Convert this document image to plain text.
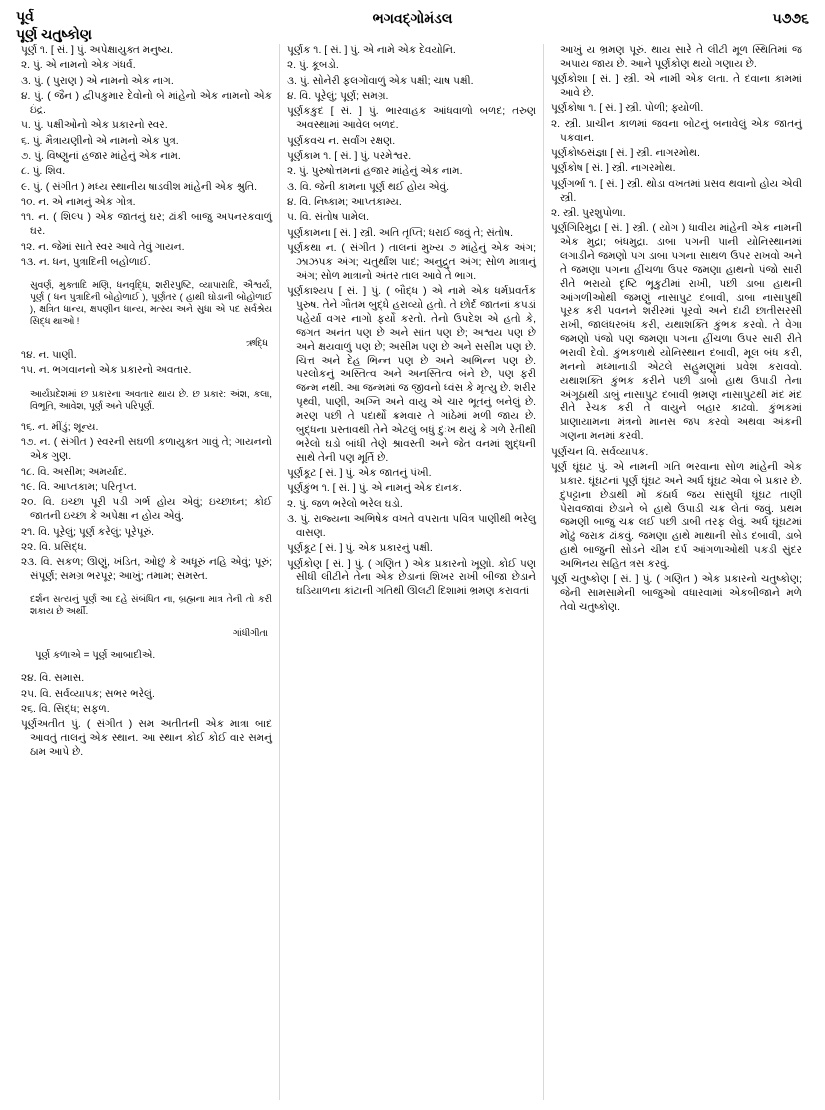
પૂર્વ
પૂર્ણ ચતુષ્કોણ
ભગવદ્ગોમંડલ	૫૭૭૬

પૂર્ણ ૧. [ સં. ] પું. અપેક્ષાયુક્ત મનુષ્ય.

૨. પું. એ નામનો એક ગંધર્વ.

૩. પું. ( પુરાણ ) એ નામનો એક નાગ.

૪. પું. ( જૈન ) દ્વીપકુમાર દેવોનો બે માંહેનો એક નામનો એક ઇંદ્ર.

૫. પું. પક્ષીઓનો એક પ્રકારનો સ્વર.

૬. પું. મૈત્રાયણીનો એ નામનો એક પુત્ર.

૭. પું. વિષ્ણુનાં હજાર માંહેનું એક નામ.

૮. પું. શિવ.

૯. પું. ( સંગીત ) મધ્ય સ્થાનીય ષાડવીશ માંહેની એક શ્રુતિ.

૧૦. ન. એ નામનું એક ગોત્ર.

૧૧. ન. ( શિલ્પ ) એક જાતનું ઘર; ઢાંકી બાજુ અપનરકવાળું ઘર.

૧૨. ન. જેમાં સાતે સ્વર આવે તેવું ગાયન.

૧૩. ન. ધન, પુત્રાદિની બહોળાઈ.

સુવર્ણ, મુક્તાદિ મણિ, ધનવૃદ્ધિ, શરીરપુષ્ટિ, વ્યાપારાદિ, ઐશ્વર્ય, પૂર્ણ ( ધન પુત્રાદિની બોહોળાઈ ), પૂર્ણતર ( હાથી ઘોડાની બોહોળાઈ ), ક્ષત્રિત ધાન્ય, ક્ષપણીન ધાન્ય, મત્સ્ય અને સુધા એ પદ સર્વશ્રેય સિદ્ધ થાઓ !

ઋદ્ધિ

૧૪. ન. પાણી.

૧૫. ન. ભગવાનનો એક પ્રકારનો અવતાર.

આર્યપ્રદેશમાં છ પ્રકારના અવતાર થાય છે. છ પ્રકાર: અંશ, કલા, વિભૂતિ, આવેશ, પૂર્ણ અને પરિપૂર્ણ.

૧૬. ન. મીંડું; શૂન્ય.

૧૭. ન. ( સંગીત ) સ્વરની સઘળી કળાયુક્ત ગાવું તે; ગાયનનો એક ગુણ.

૧૮. વિ. અસીમ; અમર્યાદ.

૧૯. વિ. આપ્તકામ; પરિતૃપ્ત.

૨૦. વિ. ઇચ્છા પૂરી પડી ગર્ભ હોય એવું; ઇચ્છાઘ્ન; કોઈ જાતની ઇચ્છા કે અપેક્ષા ન હોય એવું.

૨૧. વિ. પૂરેલું; પૂર્ણ કરેલું; પૂરેપૂરું.

૨૨. વિ. પ્રસિદ્ધ.

૨૩. વિ. સકળ; ઊણું, ખંડિત, ઓછું કે અધૂરું નહિ એવું; પૂરું; સંપૂર્ણ; સમગ્ર ભરપૂર; આખું; તમામ; સમસ્ત.

દર્શન સત્યનું પૂર્ણ આ દહે સંબંધિત ના, બ્રહ્મના માત્ર તેની તો કરી શકાય છે અર્થી.

ગાંધીગીતા

પૂર્ણ કળાએ = પૂર્ણ આબાદીએ.

૨૪. વિ. સમાસ.

૨૫. વિ. સર્વવ્યાપક; સભર ભરેલું.

૨૬. વિ. સિદ્ધ; સફળ.

પૂર્ણઅતીત પું. ( સંગીત ) સમ અતીતની એક માત્રા બાદ આવતું તાલનું એક સ્થાન. આ સ્થાન કોઈ કોઈ વાર સમનું ઠામ આપે છે.

પૂર્ણક ૧. [ સં. ] પું. એ નામે એક દેવયોનિ.

૨. પું. કૂબડો.

૩. પું. સોનેરી ફલગોંવાળું એક પક્ષી; ચાષ પક્ષી.

૪. વિ. પૂરેલું; પૂર્ણ; સમગ્ર.

પૂર્ણકકુદ [ સં. ] પું. ભારવાહક આંધવાળો બળદ; તરુણ અવસ્થામાં આવેલ બળદ.

પૂર્ણકવચ ન. સર્વાંગ રક્ષણ.

પૂર્ણકામ ૧. [ સં. ] પું. પરમેશ્વર.

૨. પું. પુરુષોત્તમનાં હજાર માંહેનું એક નામ.

૩. વિ. જેની કામના પૂર્ણ થઈ હોય એવું.

૪. વિ. નિષ્કામ; આપ્તકામ્ય.

૫. વિ. સંતોષ પામેલ.

પૂર્ણકામના [ સં. ] સ્ત્રી. અતિ તૃપ્તિ; ધરાઈ જવું તે; સંતોષ.

પૂર્ણકથા ન. ( સંગીત ) તાલનાં મુખ્ય ૭ માંહેનું એક અંગ; ઝાઝપક અંગ; ચતુર્થાંશ પાદ; અનુદ્રુત અંગ; સોળ માત્રાનું અંગ; સોળ માત્રાનો અંતર તાલ આવે તે ભાગ.

પૂર્ણકાશ્યપ [ સં. ] પું. ( બૌદ્ધ ) એ નામે એક ધર્મપ્રવર્તક પુરુષ. તેને ગૌતમ બુદ્ધે હરાવ્યો હતો. તે છોર્દ જાતનાં કપડાં પહેર્યા વગર નાગો ફર્યો કરતો. તેનો ઉપદેશ એ હતો કે, જગત અનંત પણ છે અને સાંત પણ છે; અશ્વય પણ છે અને ક્ષયવાળું પણ છે; અસીમ પણ છે અને સસીમ પણ છે. ચિત્ત અને દેહ ભિન્ન પણ છે અને અભિન્ન પણ છે. પરલોકનું અસ્તિત્વ અને અનસ્તિત્વ બંને છે, પણ ફરી જન્મ નથી. આ જન્મમાં જ જીવનો ધ્વંસ કે મૃત્યુ છે. શરીર પૃથ્વી, પાણી, અગ્નિ અને વાયુ એ ચાર ભૂતનું બનેલું છે. મરણ પછી તે પદાર્થો ક્રમવાર તે ગાંઠેમાં મળી જાય છે. બુદ્ધના પ્રસ્તાવથી તેને એટલું બધું દુઃખ થયું કે ગળે રેતીથી ભરેલો ઘડો બાંધી તેણે શ્રાવસ્તી અને જેત વનમાં શુદ્ધની સાથે તેની પણ મૂર્તિ છે.

પૂર્ણકૂટ [ સં. ] પું. એક જાતનું પંખી.

પૂર્ણકુંભ ૧. [ સં. ] પું. એ નામનું એક દાનક.

૨. પું. જળ ભરેલો ભરેલ ઘડો.

૩. પું. રાજ્યના અભિષેક વખતે વપરાતા પવિત્ર પાણીથી ભરેલુ વાસણ.

પૂર્ણકૂટ [ સં. ] પું. એક પ્રકારનું પક્ષી.

પૂર્ણકોણ [ સં. ] પું. ( ગણિત ) એક પ્રકારનો ખૂણો. કોઈ પણ સીધી લીટીને તેના એક છેડાનાં શિખર રાખી બીજા છેડાને ઘડિયાળના કાંટાની ગતિથી ઊલટી દિશામાં ભ્રમણ કરાવતાં

આખું ય ભ્રમણ પૂરું. થાય સારે તે લીટી મૂળ સ્થિતિમાં જ અપાય જાય છે. આને પૂર્ણકોણ થયો ગણાય છે.

પૂર્ણકોશા [ સં. ] સ્ત્રી. એ નામી એક લતા. તે દવાના કામમાં આવે છે.

પૂર્ણકોષા ૧. [ સં. ] સ્ત્રી. પોળી; ફ્યોળી.

૨. સ્ત્રી. પ્રાચીન કાળમાં જવના બોટનું બનાવેલું એક જાતનું પકવાન.

પૂર્ણકોષ્ઠસંજ્ઞા [ સં. ] સ્ત્રી. નાગરમોથ.

પૂર્ણકોષ [ સં. ] સ્ત્રી. નાગરમોથ.

પૂર્ણગર્ભા ૧. [ સં. ] સ્ત્રી. થોડા વખતમાં પ્રસવ થવાનો હોય એવી સ્ત્રી.

૨. સ્ત્રી. પુરશુપોળા.

પૂર્ણગિરિમુદ્રા [ સં. ] સ્ત્રી. ( યોગ ) ધાવીય માંહેની એક નામની એક મુદ્રા; બંધમુદ્રા. ડાબા પગની પાની યોનિસ્થાનમાં લગાડીને જમણો પગ ડાબા પગના સાથળ ઉપર રાખવો અને તે જમણા પગના હીંચળા ઉપર જમણા હાથનો પંજો સારી રીતે ભરાયો દૃષ્ટિ ભૂકુટીમાં રાખી, પછી ડાબા હાથની આંગળીઓથી જમણું નાસાપુટ દબાવી, ડાબા નાસાપુથી પૂરક કરી પવનને શરીરમાં પૂરવો અને દાઢી છાતીસરસી રાખી, જાલંધરબંધ કરી, યથાશક્તિ કુંભક કરવો. તે વેગા જમણો પંજો પણ જમણા પગના હીંચળા ઉપર સારી રીતે ભરાવી દેવો. કુંભકળાથે યોનિસ્થાન દબાવી, મૂલ બંધ કરી, મનનો મધ્માનાડી એટલે સહુમણુમાં પ્રવેશ કરાવવો. યથાશક્તિ કુંભક કરીને પછી ડાબો હાથ ઉપાડી તેના અંગૂઠાથી ડાબું નાસાપુટ દબાવી ભ્રમણ નાસાપુટથી મંદ મંદ રીતે રેચક કરી તે વાયુને બહાર કાઢવો. કુંભકમાં પ્રાણાયામના મંત્રનો માનસ જપ કરવો અથવા અંકની ગણના મનમાં કરવી.

પૂર્ણચન ​વિ. સર્વવ્યાપક.

પૂર્ણ ઘૂંઘટ પું. એ નામની ગતિ ભરવાના સોળ માંહેની એક પ્રકાર. ઘૂંઘટનાં પૂર્ણ ઘૂંઘટ અને અર્ધ ઘૂંઘટ એવા બે પ્રકાર છે. દુપટ્ટાના છેડાથી મોં કંઠાર્ધ જય સાંસુધી ઘૂંઘટ તાણી પેરાવજાવાં છેડાને બે હાથે ઉપાડી ચક્ર લેતાં જવું. પ્રથમ જમણી બાજુ ચક્ર લઈ પછી ડાબી તરફ લેવું. અર્ધ ઘૂંઘટમાં મોંઢું જરાક ઢાંકવું. જમણા હાથે માથાની સોડ દબાવી, ડાબે હાથે બાજુની સોડને ચીમ દર્પ આંગળાઓથી પકડી સુંદર અભિનય સહિત ત્રસ કરવું.

પૂર્ણ ચતુષ્કોણ [ સં. ] પું. ( ગણિત ) એક પ્રકારનો ચતુષ્કોણ; જેની સામસામેની બાજુઓ વધારવામાં એકબીજાને મળે તેવો ચતુષ્કોણ.
